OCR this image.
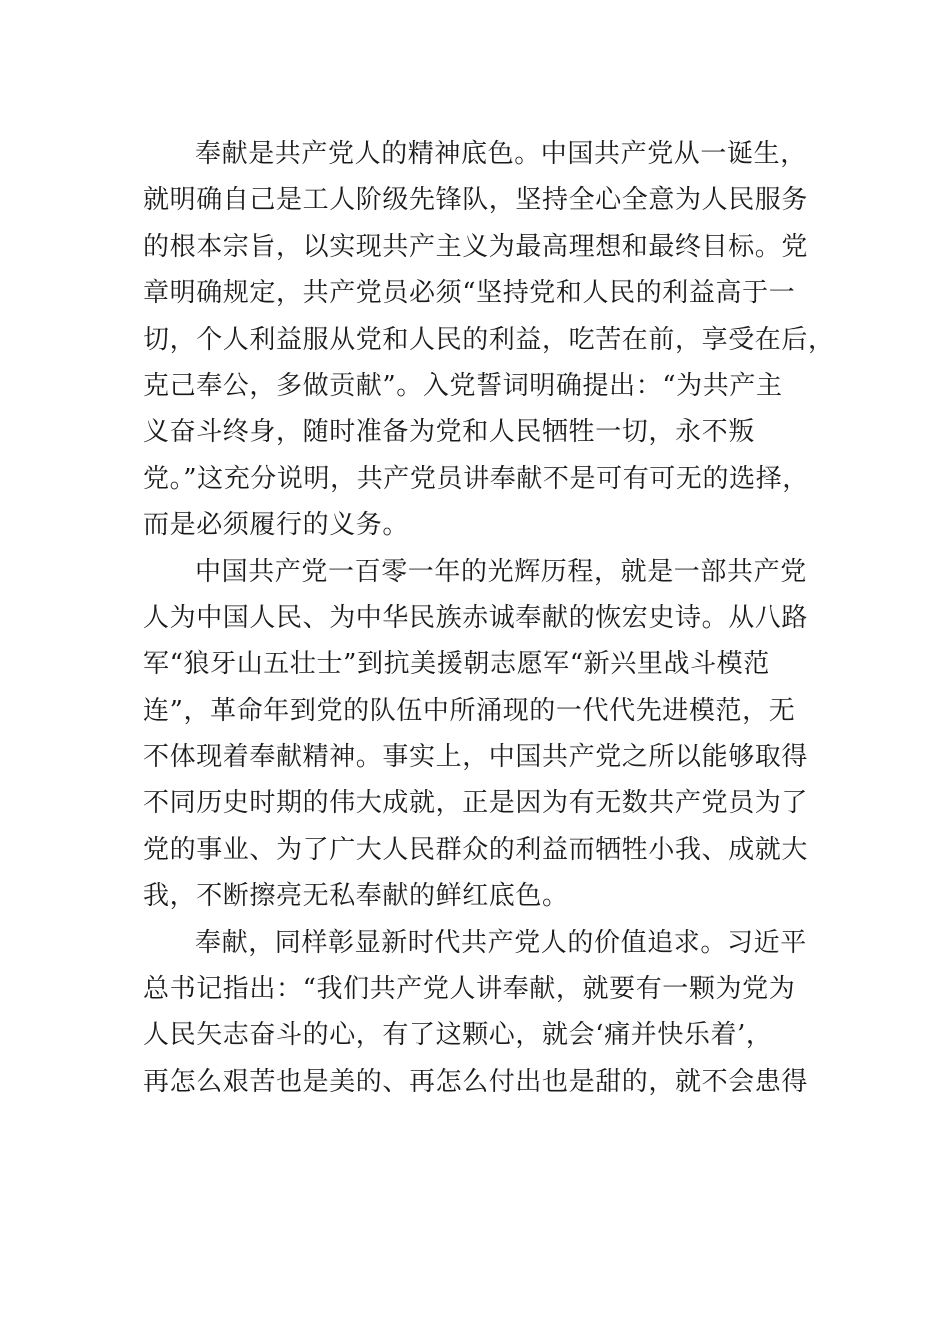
奉献是共产党人的精神底色。中国共产党从一诞生，
就明确自己是工人阶级先锋队，坚持全心全意为人民服务
的根本宗旨，以实现共产主义为最高理想和最终目标。党
章明确规定，共产党员必须“坚持党和人民的利益高于一
切，个人利益服从党和人民的利益，吃苦在前，享受在后，
克己奉公，多做贡献”。入党誓词明确提出：“为共产主
义奋斗终身，随时准备为党和人民牺牲一切，永不叛
党。”这充分说明，共产党员讲奉献不是可有可无的选择，
而是必须履行的义务。
中国共产党一百零一年的光辉历程，就是一部共产党
人为中国人民、为中华民族赤诚奉献的恢宏史诗。从八路
军“狼牙山五壮士”到抗美援朝志愿军“新兴里战斗模范
连”，革命年到党的队伍中所涌现的一代代先进模范，无
不体现着奉献精神。事实上，中国共产党之所以能够取得
不同历史时期的伟大成就，正是因为有无数共产党员为了
党的事业、为了广大人民群众的利益而牺牲小我、成就大
我，不断擦亮无私奉献的鲜红底色。
奉献，同样彰显新时代共产党人的价值追求。习近平
总书记指出：“我们共产党人讲奉献，就要有一颗为党为
人民矢志奋斗的心，有了这颗心，就会‘痛并快乐着’，
再怎么艰苦也是美的、再怎么付出也是甜的，就不会患得
